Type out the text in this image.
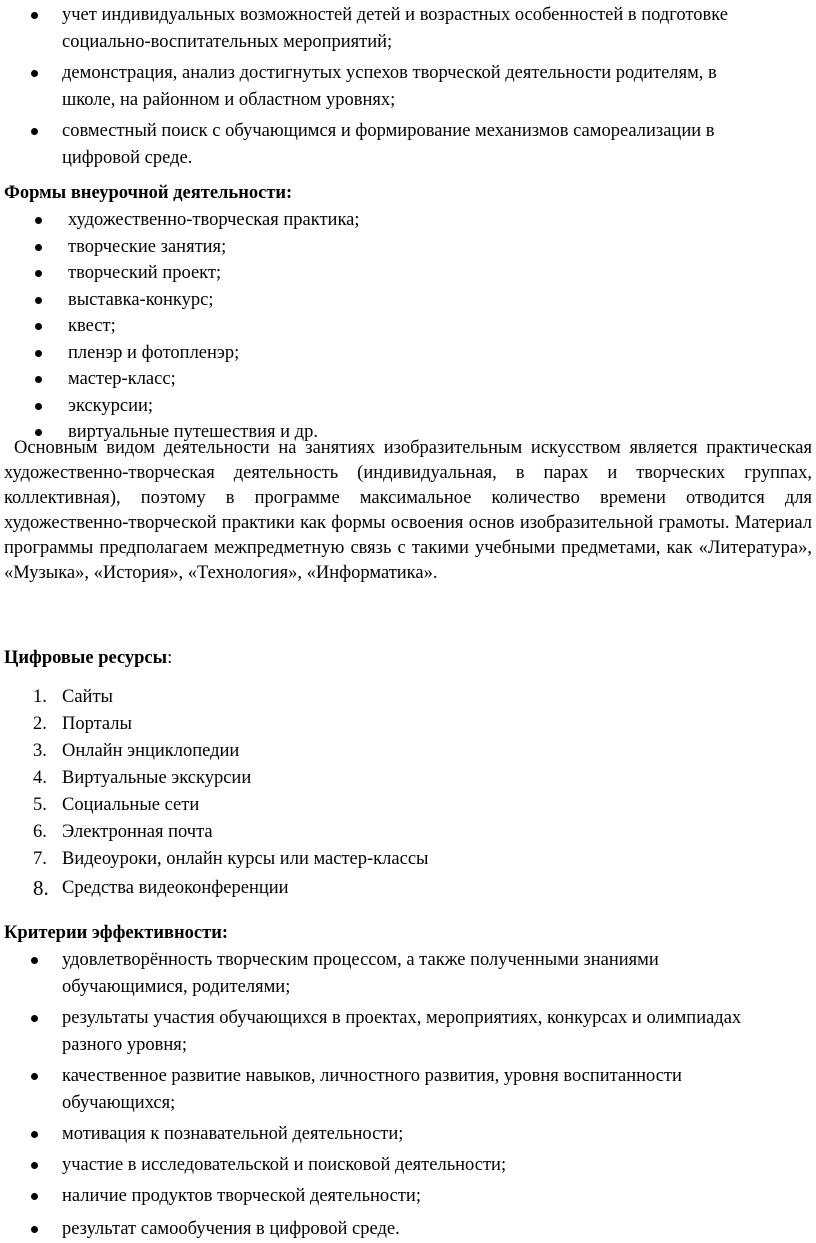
учет индивидуальных возможностей детей и возрастных особенностей в подготовке социально-воспитательных мероприятий;
демонстрация, анализ достигнутых успехов творческой деятельности родителям, в школе, на районном и областном уровнях;
совместный поиск с обучающимся и формирование механизмов самореализации в цифровой среде.
Формы внеурочной деятельности:
художественно-творческая практика;
творческие занятия;
творческий проект;
выставка-конкурс;
квест;
пленэр и фотопленэр;
мастер-класс;
экскурсии;
виртуальные путешествия и др.
Основным видом деятельности на занятиях изобразительным искусством является практическая художественно-творческая деятельность (индивидуальная, в парах и творческих группах, коллективная), поэтому в программе максимальное количество времени отводится для художественно-творческой практики как формы освоения основ изобразительной грамоты. Материал программы предполагаем межпредметную связь с такими учебными предметами, как «Литература», «Музыка», «История», «Технология», «Информатика».
Цифровые ресурсы:
1. Сайты
2. Порталы
3. Онлайн энциклопедии
4. Виртуальные экскурсии
5. Социальные сети
6. Электронная почта
7. Видеоуроки, онлайн курсы или мастер-классы
8. Средства видеоконференции
Критерии эффективности:
удовлетворённость творческим процессом, а также полученными знаниями обучающимися, родителями;
результаты участия обучающихся в проектах, мероприятиях, конкурсах и олимпиадах разного уровня;
качественное развитие навыков, личностного развития, уровня воспитанности обучающихся;
мотивация к познавательной деятельности;
участие в исследовательской и поисковой деятельности;
наличие продуктов творческой деятельности;
результат самообучения в цифровой среде.
